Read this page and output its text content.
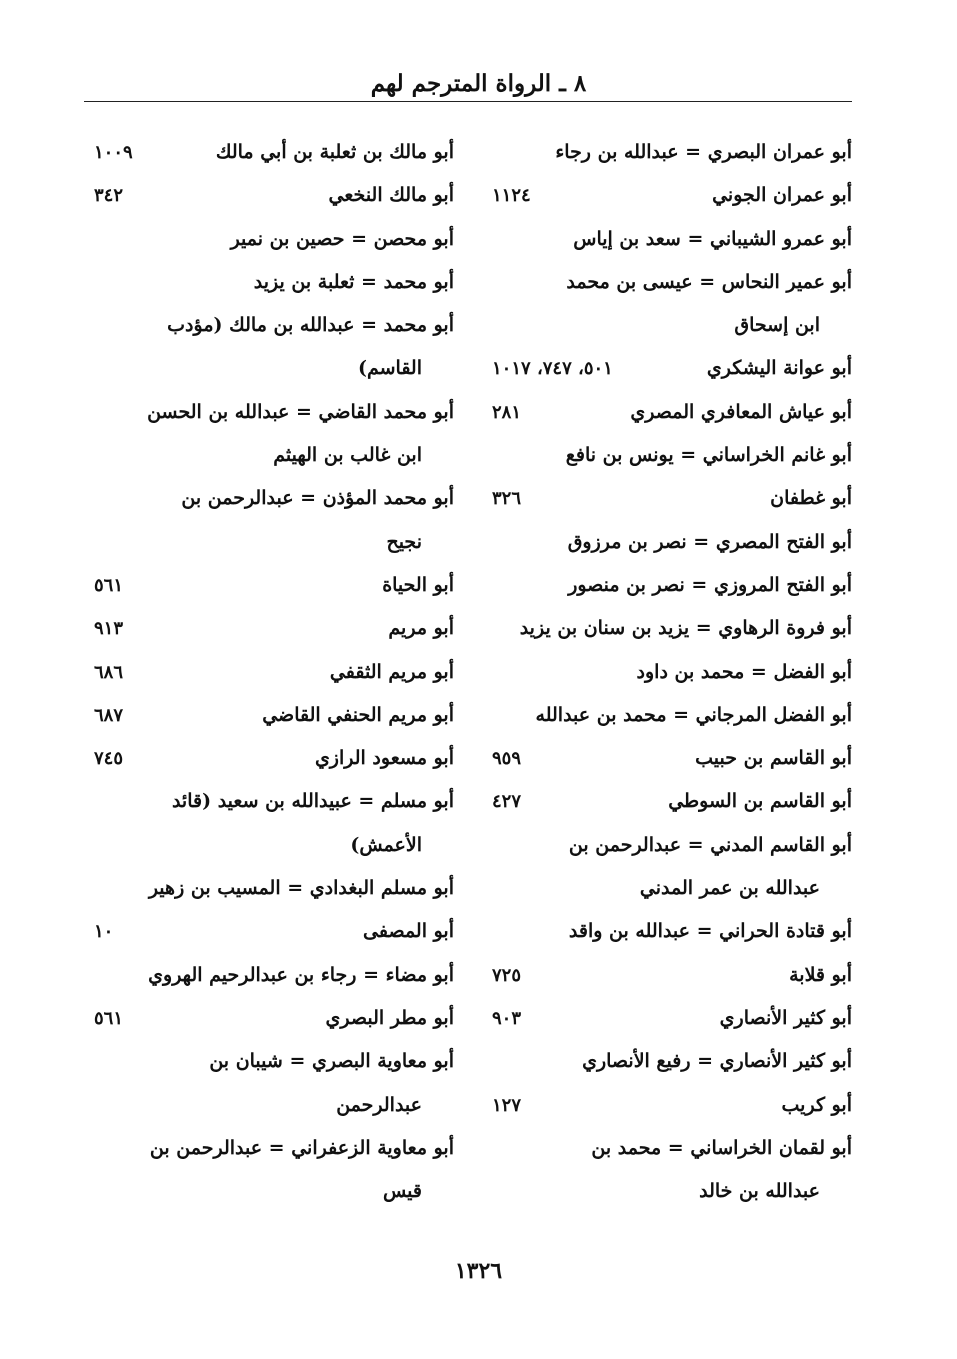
٨ ـ الرواة المترجم لهم
أبو عمران البصري = عبدالله بن رجاء
أبو عمران الجوني
١١٢٤
أبو عمرو الشيباني = سعد بن إياس
أبو عمير النحاس = عيسى بن محمد
ابن إسحاق
أبو عوانة اليشكري
٥٠١، ٧٤٧، ١٠١٧
أبو عياش المعافري المصري
٢٨١
أبو غانم الخراساني = يونس بن نافع
أبو غطفان
٣٢٦
أبو الفتح المصري = نصر بن مرزوق
أبو الفتح المروزي = نصر بن منصور
أبو فروة الرهاوي = يزيد بن سنان بن يزيد
أبو الفضل = محمد بن داود
أبو الفضل المرجاني = محمد بن عبدالله
أبو القاسم بن حبيب
٩٥٩
أبو القاسم بن السوطي
٤٢٧
أبو القاسم المدني = عبدالرحمن بن
عبدالله بن عمر المدني
أبو قتادة الحراني = عبدالله بن واقد
أبو قلابة
٧٢٥
أبو كثير الأنصاري
٩٠٣
أبو كثير الأنصاري = رفيع الأنصاري
أبو كريب
١٢٧
أبو لقمان الخراساني = محمد بن
عبدالله بن خالد
أبو مالك بن ثعلبة بن أبي مالك
١٠٠٩
أبو مالك النخعي
٣٤٢
أبو محصن = حصين بن نمير
أبو محمد = ثعلبة بن يزيد
أبو محمد = عبدالله بن مالك (مؤدب
القاسم)
أبو محمد القاضي = عبدالله بن الحسن
ابن غالب بن الهيثم
أبو محمد المؤذن = عبدالرحمن بن
نجيح
أبو الحياة
٥٦١
أبو مريم
٩١٣
أبو مريم الثقفي
٦٨٦
أبو مريم الحنفي القاضي
٦٨٧
أبو مسعود الرازي
٧٤٥
أبو مسلم = عبيدالله بن سعيد (قائد
الأعمش)
أبو مسلم البغدادي = المسيب بن زهير
أبو المصفى
١٠
أبو مضاء = رجاء بن عبدالرحيم الهروي
أبو مطر البصري
٥٦١
أبو معاوية البصري = شيبان بن
عبدالرحمن
أبو معاوية الزعفراني = عبدالرحمن بن
قيس
١٣٢٦
